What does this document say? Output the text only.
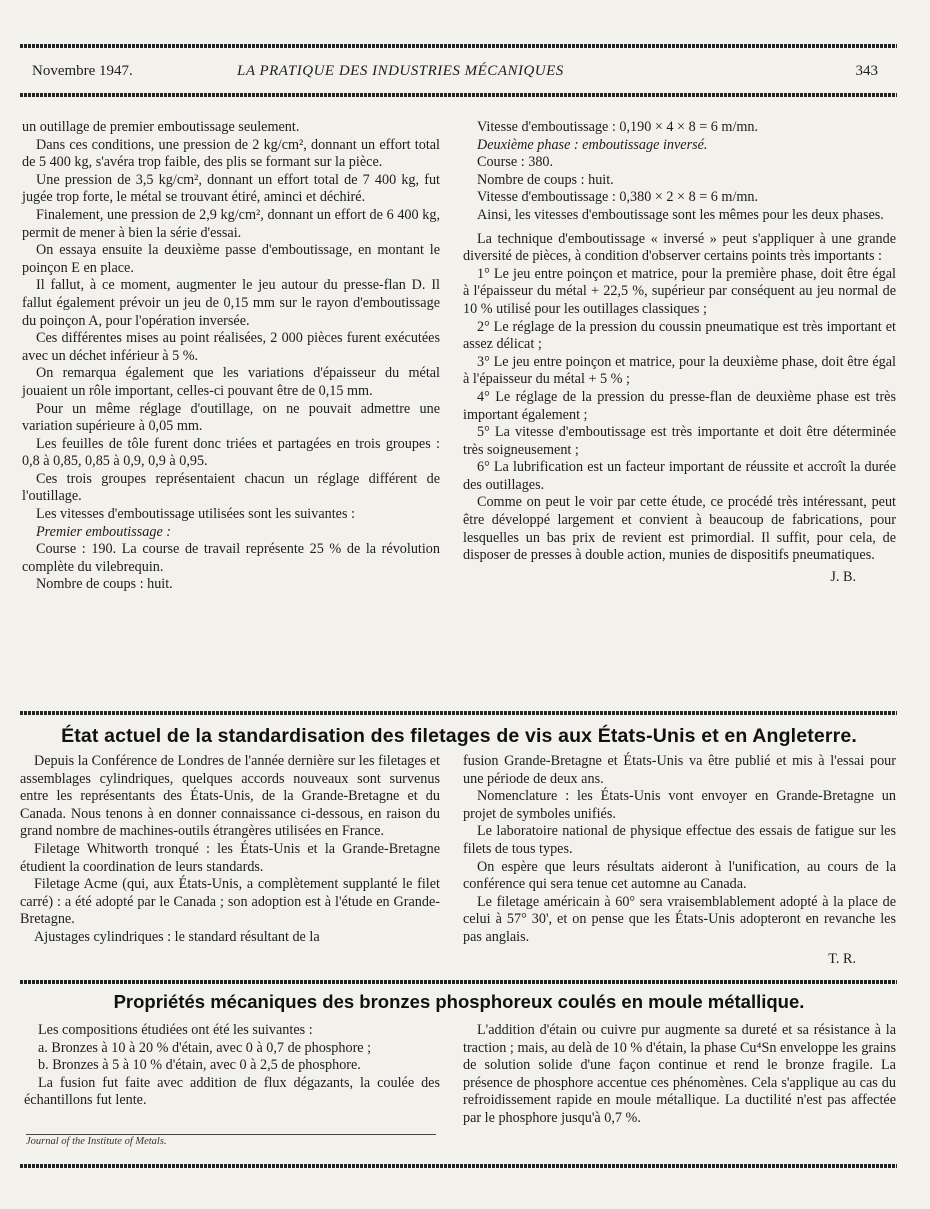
Novembre 1947.	LA PRATIQUE DES INDUSTRIES MÉCANIQUES	343

un outillage de premier emboutissage seulement.

Dans ces conditions, une pression de 2 kg/cm², donnant un effort total de 5 400 kg, s'avéra trop faible, des plis se formant sur la pièce.

Une pression de 3,5 kg/cm², donnant un effort total de 7 400 kg, fut jugée trop forte, le métal se trouvant étiré, aminci et déchiré.

Finalement, une pression de 2,9 kg/cm², donnant un effort de 6 400 kg, permit de mener à bien la série d'essai.

On essaya ensuite la deuxième passe d'emboutissage, en montant le poinçon E en place.

Il fallut, à ce moment, augmenter le jeu autour du presse-flan D. Il fallut également prévoir un jeu de 0,15 mm sur le rayon d'emboutissage du poinçon A, pour l'opération inversée.

Ces différentes mises au point réalisées, 2 000 pièces furent exécutées avec un déchet inférieur à 5 %.

On remarqua également que les variations d'épaisseur du métal jouaient un rôle important, celles-ci pouvant être de 0,15 mm.

Pour un même réglage d'outillage, on ne pouvait admettre une variation supérieure à 0,05 mm.

Les feuilles de tôle furent donc triées et partagées en trois groupes : 0,8 à 0,85, 0,85 à 0,9, 0,9 à 0,95.

Ces trois groupes représentaient chacun un réglage différent de l'outillage.

Les vitesses d'emboutissage utilisées sont les suivantes :

Premier emboutissage :

Course : 190. La course de travail représente 25 % de la révolution complète du vilebrequin.

Nombre de coups : huit.

Vitesse d'emboutissage : 0,190 × 4 × 8 = 6 m/mn.

Deuxième phase : emboutissage inversé.

Course : 380.

Nombre de coups : huit.

Vitesse d'emboutissage : 0,380 × 2 × 8 = 6 m/mn.

Ainsi, les vitesses d'emboutissage sont les mêmes pour les deux phases.

La technique d'emboutissage « inversé » peut s'appliquer à une grande diversité de pièces, à condition d'observer certains points très importants :

1° Le jeu entre poinçon et matrice, pour la première phase, doit être égal à l'épaisseur du métal + 22,5 %, supérieur par conséquent au jeu normal de 10 % utilisé pour les outillages classiques ;

2° Le réglage de la pression du coussin pneumatique est très important et assez délicat ;

3° Le jeu entre poinçon et matrice, pour la deuxième phase, doit être égal à l'épaisseur du métal + 5 % ;

4° Le réglage de la pression du presse-flan de deuxième phase est très important également ;

5° La vitesse d'emboutissage est très importante et doit être déterminée très soigneusement ;

6° La lubrification est un facteur important de réussite et accroît la durée des outillages.

Comme on peut le voir par cette étude, ce procédé très intéressant, peut être développé largement et convient à beaucoup de fabrications, pour lesquelles un bas prix de revient est primordial. Il suffit, pour cela, de disposer de presses à double action, munies de dispositifs pneumatiques.

J. B.

État actuel de la standardisation des filetages de vis aux États-Unis et en Angleterre.

Depuis la Conférence de Londres de l'année dernière sur les filetages et assemblages cylindriques, quelques accords nouveaux sont survenus entre les représentants des États-Unis, de la Grande-Bretagne et du Canada. Nous tenons à en donner connaissance ci-dessous, en raison du grand nombre de machines-outils étrangères utilisées en France.

Filetage Whitworth tronqué : les États-Unis et la Grande-Bretagne étudient la coordination de leurs standards.

Filetage Acme (qui, aux États-Unis, a complètement supplanté le filet carré) : a été adopté par le Canada ; son adoption est à l'étude en Grande-Bretagne.

Ajustages cylindriques : le standard résultant de la

fusion Grande-Bretagne et États-Unis va être publié et mis à l'essai pour une période de deux ans.

Nomenclature : les États-Unis vont envoyer en Grande-Bretagne un projet de symboles unifiés.

Le laboratoire national de physique effectue des essais de fatigue sur les filets de tous types.

On espère que leurs résultats aideront à l'unification, au cours de la conférence qui sera tenue cet automne au Canada.

Le filetage américain à 60° sera vraisemblablement adopté à la place de celui à 57° 30', et on pense que les États-Unis adopteront en revanche les pas anglais.

T. R.

Propriétés mécaniques des bronzes phosphoreux coulés en moule métallique.

Les compositions étudiées ont été les suivantes :

a. Bronzes à 10 à 20 % d'étain, avec 0 à 0,7 de phosphore ;

b. Bronzes à 5 à 10 % d'étain, avec 0 à 2,5 de phosphore.

La fusion fut faite avec addition de flux dégazants, la coulée des échantillons fut lente.

L'addition d'étain ou cuivre pur augmente sa dureté et sa résistance à la traction ; mais, au delà de 10 % d'étain, la phase Cu⁴Sn enveloppe les grains de solution solide d'une façon continue et rend le bronze fragile. La présence de phosphore accentue ces phénomènes. Cela s'applique au cas du refroidissement rapide en moule métallique. La ductilité n'est pas affectée par le phosphore jusqu'à 0,7 %.

Journal of the Institute of Metals.
